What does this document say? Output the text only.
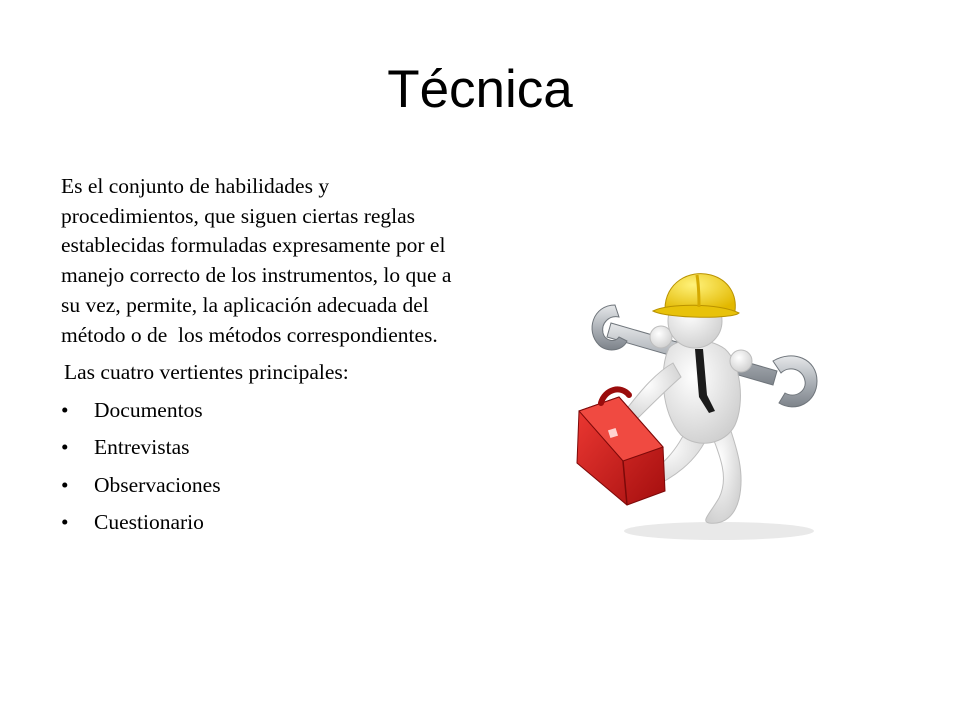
Técnica

Es el conjunto de habilidades y procedimientos, que siguen ciertas reglas establecidas formuladas expresamente por el manejo correcto de los instrumentos, lo que a su vez, permite, la aplicación adecuada del método o de  los métodos correspondientes.

Las cuatro vertientes principales:

• Documentos
• Entrevistas
• Observaciones
• Cuestionario
